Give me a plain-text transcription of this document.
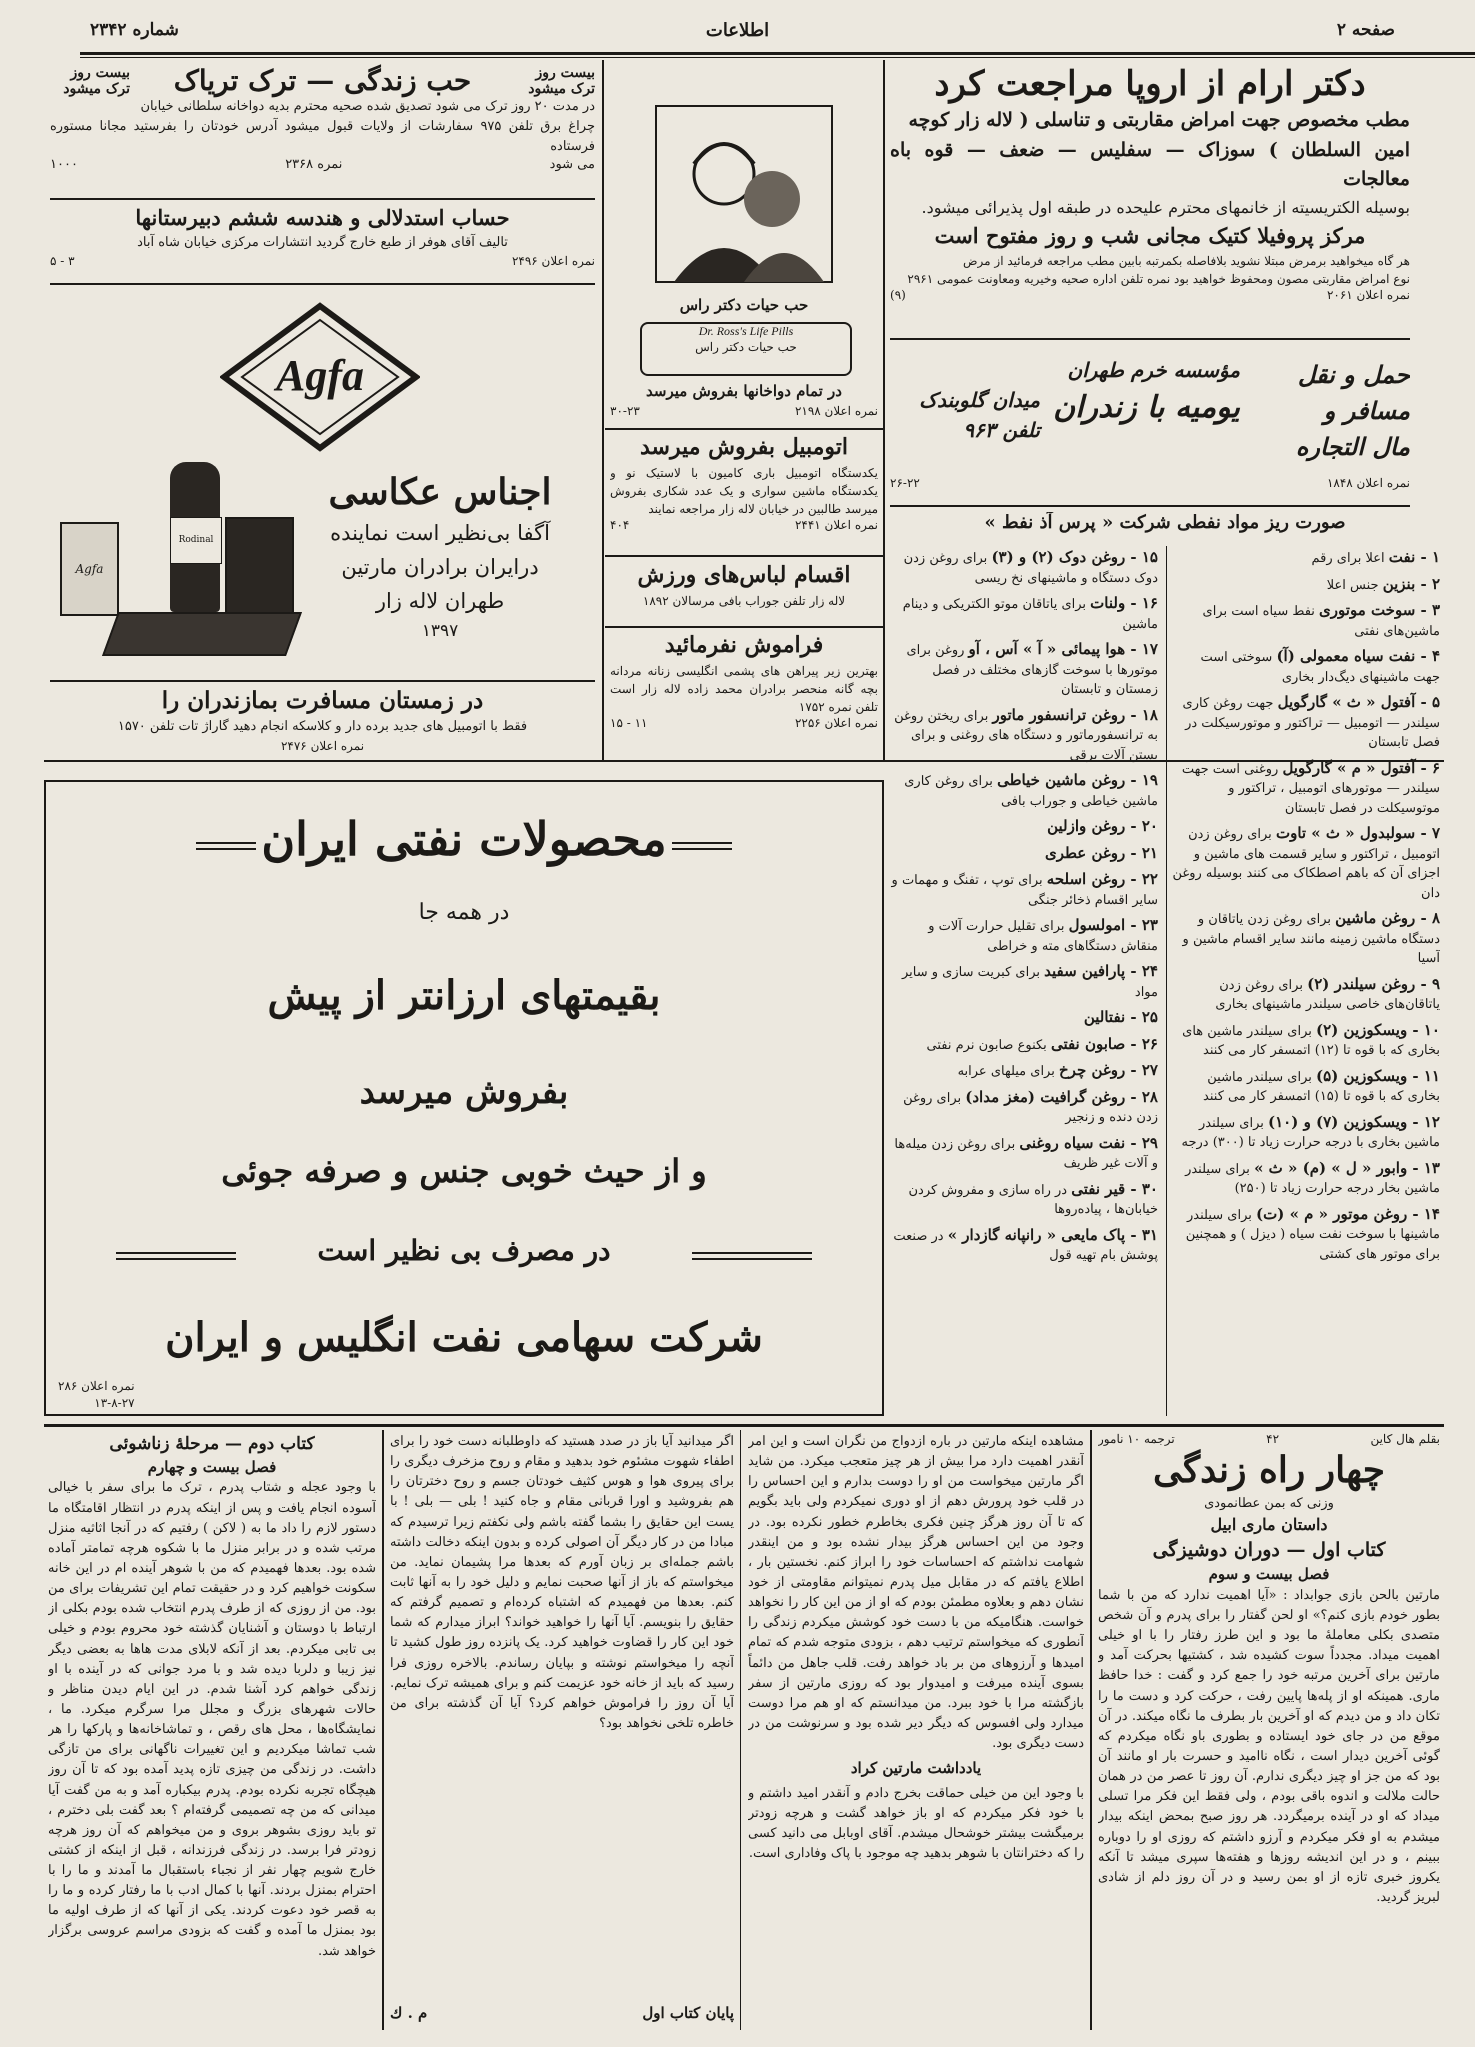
صفحه ۲
اطلاعات
شماره ۲۳۴۲

دکتر ارام از اروپا مراجعت کرد

مطب مخصوص جهت امراض مقاربتی و تناسلی ( لاله زار کوچه

امین السلطان ) سوزاک — سفلیس — ضعف — قوه باه معالجات

بوسیله الکتریسیته از خانمهای محترم علیحده در طبقه اول پذیرائی میشود.

مرکز پروفیلا کتیک مجانی شب و روز مفتوح است

هر گاه میخواهید برمرض مبتلا نشوید بلافاصله بکمرتبه بابین مطب مراجعه فرمائید از مرض

نوع امراض مقاربتی مصون ومحفوظ خواهید بود نمره تلفن اداره صحیه وخیریه ومعاونت عمومی ۲۹۶۱

نمره اعلان ۲۰۶۱
(۹)
حمل و نقل مسافر و
مال التجاره
مؤسسه خرم طهران
یومیه با زندران
میدان گلوبندک تلفن ۹۶۳
نمره اعلان ۱۸۴۸
۲۶-۲۲
بیست روز ترک میشود
حب زندگی — ترک تریاک
بیست روز ترک میشود

در مدت ۲۰ روز ترک می شود تصدیق شده صحیه محترم بدیه دواخانه سلطانی خیابان

چراغ برق تلفن ۹۷۵ سفارشات از ولایات قبول میشود آدرس خودتان را بفرستید مجانا مستوره فرستاده

می شود
نمره ۲۳۶۸
۱۰۰۰

حساب استدلالی و هندسه ششم دبیرستانها

تالیف آقای هوفر از طبع خارج گردید انتشارات مرکزی خیابان شاه آباد

نمره اعلان ۲۴۹۶
۳ - ۵
Agfa
اجناس عکاسی
آگفا بی‌نظیر است نماینده
درایران برادران مارتین
طهران لاله زار
۱۳۹۷
Rodinal
Agfa

در زمستان مسافرت بمازندران را

فقط با اتومبیل های جدید برده دار و کلاسکه انجام دهید گاراژ تات تلفن ۱۵۷۰

نمره اعلان ۲۴۷۶

حب حیات دکتر راس
Dr. Ross's Life Pills
حب حیات دکتر راس
در تمام دواخانها بفروش میرسد
نمره اعلان ۲۱۹۸
۳۰-۲۳

اتومبیل بفروش میرسد

یکدستگاه اتومبیل باری کامیون با لاستیک نو و یکدستگاه ماشین سواری و یک عدد شکاری بفروش میرسد طالبین در خیابان لاله زار مراجعه نمایند

نمره اعلان ۲۴۴۱
۴۰۴

اقسام لباس‌های ورزش

لاله زار تلفن جوراب بافی مرسالان ۱۸۹۲

فراموش نفرمائید

بهترین زیر پیراهن های پشمی انگلیسی زنانه مردانه بچه گانه منحصر برادران محمد زاده لاله زار است تلفن نمره ۱۷۵۲

نمره اعلان ۲۲۵۶
۱۱ - ۱۵
صورت ریز مواد نفطی شرکت « پرس آذ نفط »

۱ - نفت اعلا برای رقم

۲ - بنزین جنس اعلا

۳ - سوخت موتوری نفط سیاه است برای ماشین‌های نفتی

۴ - نفت سیاه معمولی (آ) سوختی است جهت ماشینهای دیگ‌دار بخاری

۵ - آفتول « ث » گارگویل جهت روغن کاری سیلندر — اتومبیل — تراکتور و موتورسیکلت در فصل تابستان

۶ - آفتول « م » گارگویل روغنی است جهت سیلندر — موتورهای اتومبیل ، تراکتور و موتوسیکلت در فصل تابستان

۷ - سولبدول « ث » تاوت برای روغن زدن اتومبیل ، تراکتور و سایر قسمت های ماشین و اجزای آن که باهم اصطکاک می کنند بوسیله روغن دان

۸ - روغن ماشین برای روغن زدن یاتاقان و دستگاه ماشین زمینه مانند سایر اقسام ماشین و آسیا

۹ - روغن سیلندر (۲) برای روغن زدن یاتاقان‌های خاصی سیلندر ماشینهای بخاری

۱۰ - ویسکوزین (۲) برای سیلندر ماشین های بخاری که با قوه تا (۱۲) اتمسفر کار می کنند

۱۱ - ویسکوزین (۵) برای سیلندر ماشین بخاری که با قوه تا (۱۵) اتمسفر کار می کنند

۱۲ - ویسکوزین (۷) و (۱۰) برای سیلندر ماشین بخاری با درجه حرارت زیاد تا (۳۰۰) درجه

۱۳ - وابور « ل » (م) « ث » برای سیلندر ماشین بخار درجه حرارت زیاد تا (۲۵۰)

۱۴ - روغن موتور « م » (ت) برای سیلندر ماشینها با سوخت نفت سیاه ( دیزل ) و همچنین برای موتور های کشتی

۱۵ - روغن دوک (۲) و (۳) برای روغن زدن دوک دستگاه و ماشینهای نخ ریسی

۱۶ - ولنات برای یاتاقان موتو الکتریکی و دینام ماشین

۱۷ - هوا پیمائی « آ » آس ، آو روغن برای موتورها با سوخت گازهای مختلف در فصل زمستان و تابستان

۱۸ - روغن ترانسفور ماتور برای ریختن روغن به ترانسفورماتور و دستگاه های روغنی و برای بستن آلات برقی

۱۹ - روغن ماشین خیاطی برای روغن کاری ماشین خیاطی و جوراب بافی

۲۰ - روغن وازلین

۲۱ - روغن عطری

۲۲ - روغن اسلحه برای توپ ، تفنگ و مهمات و سایر اقسام ذخائر جنگی

۲۳ - امولسول برای تقلیل حرارت آلات و منقاش دستگاهای مته و خراطی

۲۴ - پارافین سفید برای کبریت سازی و سایر مواد

۲۵ - نفتالین

۲۶ - صابون نفتی بکنوع صابون نرم نفتی

۲۷ - روغن چرخ برای میلهای عرابه

۲۸ - روغن گرافیت (مغز مداد) برای روغن زدن دنده و زنجیر

۲۹ - نفت سیاه روغنی برای روغن زدن میله‌ها و آلات غیر ظریف

۳۰ - قیر نفتی در راه سازی و مفروش کردن خیابان‌ها ، پیاده‌روها

۳۱ - پاک مایعی « رانپانه گازدار » در صنعت پوشش بام تهیه قول

محصولات نفتی ایران
در همه جا
بقیمتهای ارزانتر از پیش
بفروش میرسد
و از حیث خوبی جنس و صرفه جوئی
در مصرف بی نظیر است
شرکت سهامی نفت انگلیس و ایران
نمره اعلان ۲۸۶
۱۳-۸-۲۷
بقلم هال کاین
۴۲
ترجمه ۱۰ نامور

چهار راه زندگی

وزنی که بمن عطانمودی

داستان ماری ابیل

کتاب اول — دوران دوشیزگی

فصل بیست و سوم

مارتین بالحن بازی جوابداد : «آیا اهمیت ندارد که من با شما بطور خودم بازی کنم؟» او لحن گفتار را برای پدرم و آن شخص متصدی بکلی معاملۀ ما بود و این طرز رفتار را با او خیلی اهمیت میداد. مجدداً سوت کشیده شد ، کشتیها بحرکت آمد و مارتین برای آخرین مرتبه خود را جمع کرد و گفت : خدا حافظ ماری. همینکه او از پله‌ها پایین رفت ، حرکت کرد و دست ما را تکان داد و من دیدم که او آخرین بار بطرف ما نگاه میکند. در آن موقع من در جای خود ایستاده و بطوری باو نگاه میکردم که گوئی آخرین دیدار است ، نگاه ناامید و حسرت بار او مانند آن بود که من جز او چیز دیگری ندارم. آن روز تا عصر من در همان حالت ملالت و اندوه باقی بودم ، ولی فقط این فکر مرا تسلی میداد که او در آینده برمیگردد. هر روز صبح بمحض اینکه بیدار میشدم به او فکر میکردم و آرزو داشتم که روزی او را دوباره ببینم ، و در این اندیشه روزها و هفته‌ها سپری میشد تا آنکه یکروز خبری تازه از او بمن رسید و در آن روز دلم از شادی لبریز گردید.

مشاهده اینکه مارتین در باره ازدواج من نگران است و این امر آنقدر اهمیت دارد مرا بیش از هر چیز متعجب میکرد. من شاید اگر مارتین میخواست من او را دوست بدارم و این احساس را در قلب خود پرورش دهم از او دوری نمیکردم ولی باید بگویم که تا آن روز هرگز چنین فکری بخاطرم خطور نکرده بود. در وجود من این احساس هرگز بیدار نشده بود و من اینقدر شهامت نداشتم که احساسات خود را ابراز کنم. نخستین بار ، اطلاع یافتم که در مقابل میل پدرم نمیتوانم مقاومتی از خود نشان دهم و بعلاوه مطمئن بودم که او از من این کار را نخواهد خواست. هنگامیکه من با دست خود کوشش میکردم زندگی را آنطوری که میخواستم ترتیب دهم ، بزودی متوجه شدم که تمام امیدها و آرزوهای من بر باد خواهد رفت. قلب جاهل من دائماً بسوی آینده میرفت و امیدوار بود که روزی مارتین از سفر بازگشته مرا با خود ببرد. من میدانستم که او هم مرا دوست میدارد ولی افسوس که دیگر دیر شده بود و سرنوشت من در دست دیگری بود.

یادداشت مارتین کراد

با وجود این من خیلی حماقت بخرج دادم و آنقدر امید داشتم و با خود فکر میکردم که او باز خواهد گشت و هرچه زودتر برمیگشت بیشتر خوشحال میشدم. آقای اوبابل می دانید کسی را که دخترانتان با شوهر بدهید چه موجود با پاک وفاداری است.

اگر میدانید آیا باز در صدد هستید که داوطلبانه دست خود را برای اطفاء شهوت مشئوم خود بدهید و مقام و روح مزخرف دیگری را برای پیروی هوا و هوس کثیف خودتان جسم و روح دخترتان را هم بفروشید و اورا قربانی مقام و جاه کنید ! بلی — بلی ! با یست این حقایق را بشما گفته باشم ولی نکفتم زیرا ترسیدم که مبادا من در کار دیگر آن اصولی کرده و بدون اینکه دخالت داشته باشم جمله‌ای بر زبان آورم که بعدها مرا پشیمان نماید. من میخواستم که باز از آنها صحبت نمایم و دلیل خود را به آنها ثابت کنم. بعدها من فهمیدم که اشتباه کرده‌ام و تصمیم گرفتم که حقایق را بنویسم. آیا آنها را خواهید خواند؟ ابراز میدارم که شما خود این کار را قضاوت خواهید کرد. یک پانزده روز طول کشید تا آنچه را میخواستم نوشته و بپایان رساندم. بالاخره روزی فرا رسید که باید از خانه خود عزیمت کنم و برای همیشه ترک نمایم. آیا آن روز را فراموش خواهم کرد؟ آیا آن گذشته برای من خاطره تلخی نخواهد بود؟

پایان کتاب اول
م . ك

کتاب دوم — مرحلۀ زناشوئی

فصل بیست و چهارم

با وجود عجله و شتاب پدرم ، ترک ما برای سفر با خیالی آسوده انجام یافت و پس از اینکه پدرم در انتظار اقامتگاه ما دستور لازم را داد ما به ( لاکن ) رفتیم که در آنجا اثاثیه منزل مرتب شده و در برابر منزل ما با شکوه هرچه تمامتر آماده شده بود. بعدها فهمیدم که من با شوهر آینده ام در این خانه سکونت خواهیم کرد و در حقیقت تمام این تشریفات برای من بود. من از روزی که از طرف پدرم انتخاب شده بودم بکلی از ارتباط با دوستان و آشنایان گذشته خود محروم بودم و خیلی بی تابی میکردم. بعد از آنکه لابلای مدت هاها به بعضی دیگر نیز زیبا و دلربا دیده شد و با مرد جوانی که در آینده با او زندگی خواهم کرد آشنا شدم. در این ایام دیدن مناظر و حالات شهرهای بزرگ و مجلل مرا سرگرم میکرد. ما ، نمایشگاه‌ها ، محل های رقص ، و تماشاخانه‌ها و پارکها را هر شب تماشا میکردیم و این تغییرات ناگهانی برای من تازگی داشت. در زندگی من چیزی تازه پدید آمده بود که تا آن روز هیچگاه تجربه نکرده بودم. پدرم بیکباره آمد و به من گفت آیا میدانی که من چه تصمیمی گرفته‌ام ؟ بعد گفت بلی دخترم ، تو باید روزی بشوهر بروی و من میخواهم که آن روز هرچه زودتر فرا برسد. در زندگی فرزندانه ، قبل از اینکه از کشتی خارج شویم چهار نفر از نجباء باستقبال ما آمدند و ما را با احترام بمنزل بردند. آنها با کمال ادب با ما رفتار کرده و ما را به قصر خود دعوت کردند. یکی از آنها که از طرف اولیه ما بود بمنزل ما آمده و گفت که بزودی مراسم عروسی برگزار خواهد شد.
